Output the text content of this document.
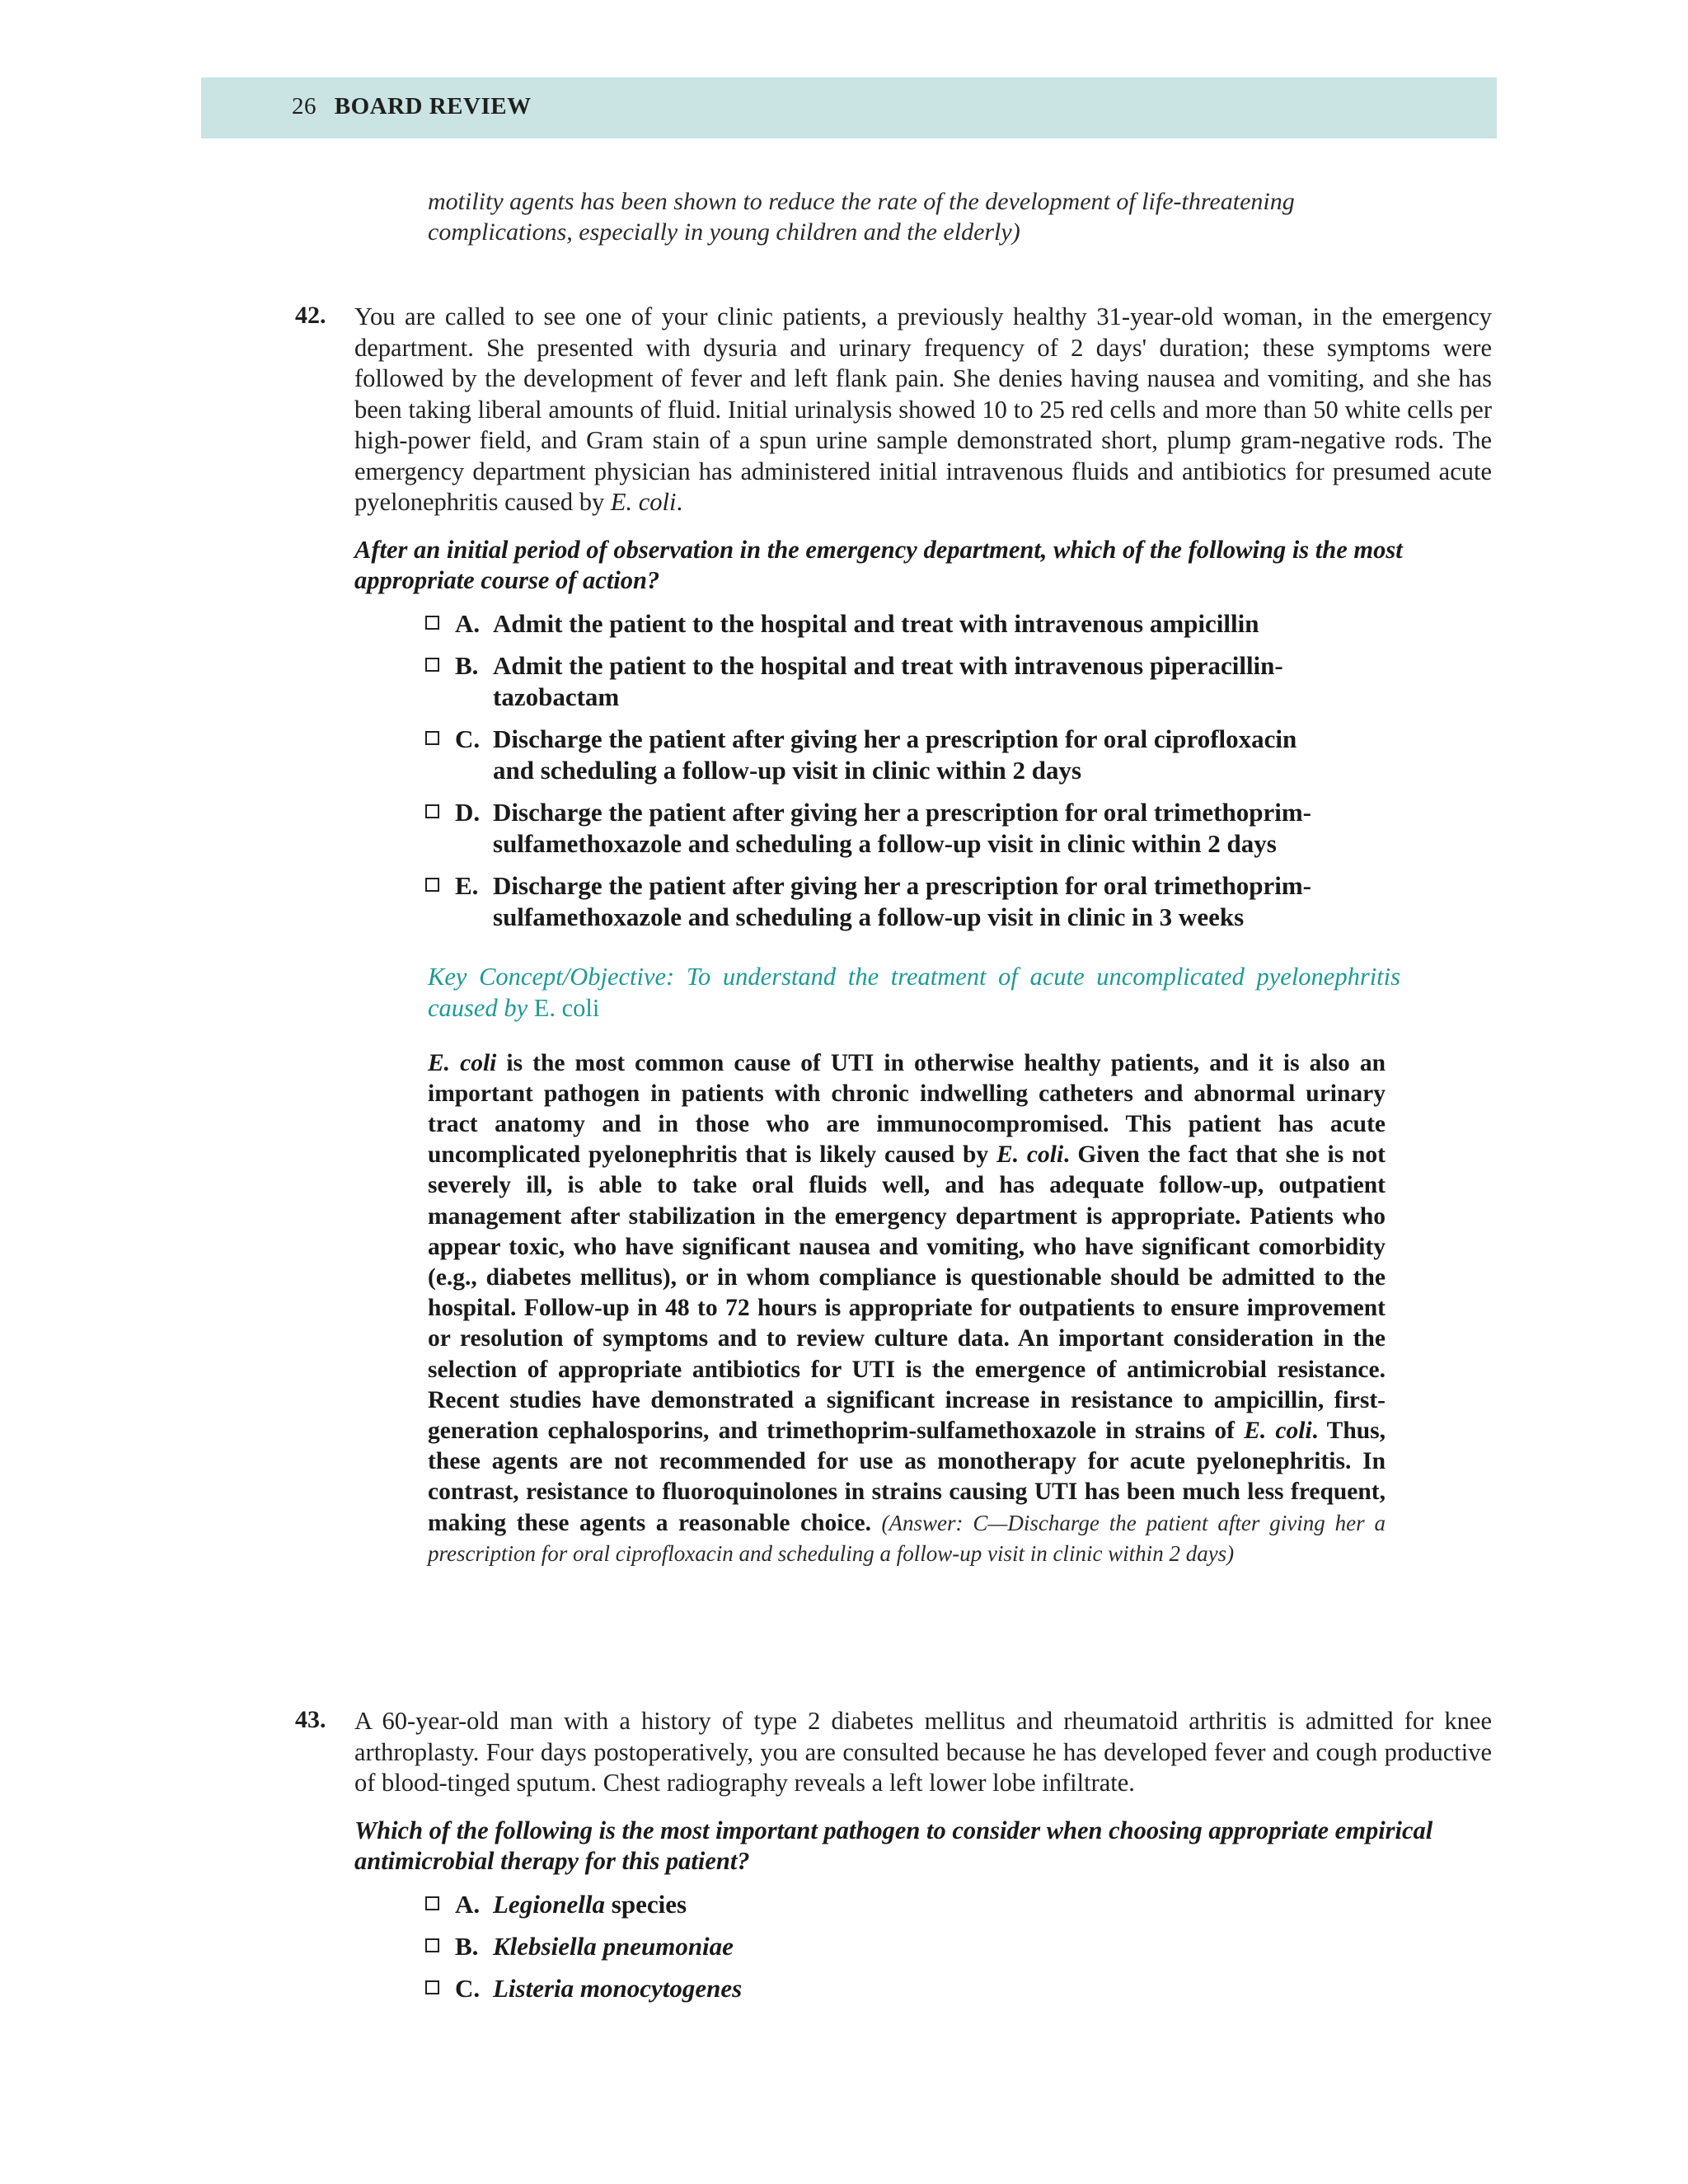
26 BOARD REVIEW
motility agents has been shown to reduce the rate of the development of life-threatening complications, especially in young children and the elderly)
42. You are called to see one of your clinic patients, a previously healthy 31-year-old woman, in the emergency department. She presented with dysuria and urinary frequency of 2 days' duration; these symptoms were followed by the development of fever and left flank pain. She denies having nausea and vomiting, and she has been taking liberal amounts of fluid. Initial urinalysis showed 10 to 25 red cells and more than 50 white cells per high-power field, and Gram stain of a spun urine sample demonstrated short, plump gram-negative rods. The emergency department physician has administered initial intravenous fluids and antibiotics for presumed acute pyelonephritis caused by E. coli.
After an initial period of observation in the emergency department, which of the following is the most appropriate course of action?
A. Admit the patient to the hospital and treat with intravenous ampicillin
B. Admit the patient to the hospital and treat with intravenous piperacillin-tazobactam
C. Discharge the patient after giving her a prescription for oral ciprofloxacin and scheduling a follow-up visit in clinic within 2 days
D. Discharge the patient after giving her a prescription for oral trimethoprim-sulfamethoxazole and scheduling a follow-up visit in clinic within 2 days
E. Discharge the patient after giving her a prescription for oral trimethoprim-sulfamethoxazole and scheduling a follow-up visit in clinic in 3 weeks
Key Concept/Objective: To understand the treatment of acute uncomplicated pyelonephritis caused by E. coli
E. coli is the most common cause of UTI in otherwise healthy patients, and it is also an important pathogen in patients with chronic indwelling catheters and abnormal urinary tract anatomy and in those who are immunocompromised. This patient has acute uncomplicated pyelonephritis that is likely caused by E. coli. Given the fact that she is not severely ill, is able to take oral fluids well, and has adequate follow-up, outpatient management after stabilization in the emergency department is appropriate. Patients who appear toxic, who have significant nausea and vomiting, who have significant comorbidity (e.g., diabetes mellitus), or in whom compliance is questionable should be admitted to the hospital. Follow-up in 48 to 72 hours is appropriate for outpatients to ensure improvement or resolution of symptoms and to review culture data. An important consideration in the selection of appropriate antibiotics for UTI is the emergence of antimicrobial resistance. Recent studies have demonstrated a significant increase in resistance to ampicillin, first-generation cephalosporins, and trimethoprim-sulfamethoxazole in strains of E. coli. Thus, these agents are not recommended for use as monotherapy for acute pyelonephritis. In contrast, resistance to fluoroquinolones in strains causing UTI has been much less frequent, making these agents a reasonable choice. (Answer: C—Discharge the patient after giving her a prescription for oral ciprofloxacin and scheduling a follow-up visit in clinic within 2 days)
43. A 60-year-old man with a history of type 2 diabetes mellitus and rheumatoid arthritis is admitted for knee arthroplasty. Four days postoperatively, you are consulted because he has developed fever and cough productive of blood-tinged sputum. Chest radiography reveals a left lower lobe infiltrate.
Which of the following is the most important pathogen to consider when choosing appropriate empirical antimicrobial therapy for this patient?
A. Legionella species
B. Klebsiella pneumoniae
C. Listeria monocytogenes
